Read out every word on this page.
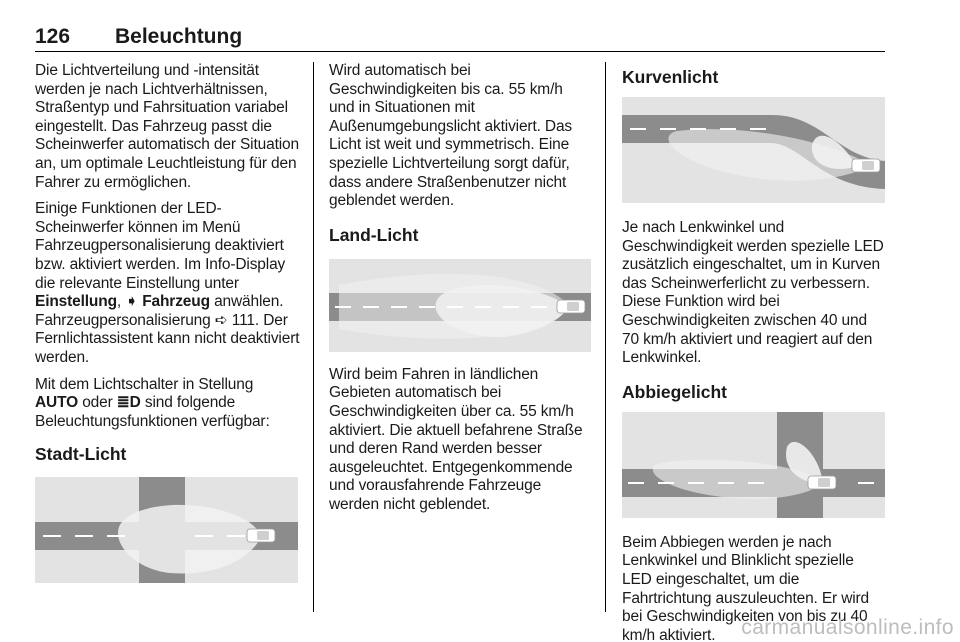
126 Beleuchtung

Die Lichtverteilung und -intensität werden je nach Lichtverhältnissen, Straßentyp und Fahrsituation variabel eingestellt. Das Fahrzeug passt die Scheinwerfer automatisch der Situation an, um optimale Leuchtleistung für den Fahrer zu ermöglichen.

Einige Funktionen der LED-Scheinwerfer können im Menü Fahrzeugpersonalisierung deaktiviert bzw. aktiviert werden. Im Info-Display die relevante Einstellung unter Einstellung, ➧ Fahrzeug anwählen. Fahrzeugpersonalisierung ➪ 111. Der Fernlichtassistent kann nicht deaktiviert werden.

Mit dem Lichtschalter in Stellung AUTO oder ≣D sind folgende Beleuchtungsfunktionen verfügbar:

Stadt-Licht

Wird automatisch bei Geschwindigkeiten bis ca. 55 km/h und in Situationen mit Außenumgebungslicht aktiviert. Das Licht ist weit und symmetrisch. Eine spezielle Lichtverteilung sorgt dafür, dass andere Straßenbenutzer nicht geblendet werden.

Land-Licht

Wird beim Fahren in ländlichen Gebieten automatisch bei Geschwindigkeiten über ca. 55 km/h aktiviert. Die aktuell befahrene Straße und deren Rand werden besser ausgeleuchtet. Entgegenkommende und vorausfahrende Fahrzeuge werden nicht geblendet.

Kurvenlicht

Je nach Lenkwinkel und Geschwindigkeit werden spezielle LED zusätzlich eingeschaltet, um in Kurven das Scheinwerferlicht zu verbessern. Diese Funktion wird bei Geschwindigkeiten zwischen 40 und 70 km/h aktiviert und reagiert auf den Lenkwinkel.

Abbiegelicht

Beim Abbiegen werden je nach Lenkwinkel und Blinklicht spezielle LED eingeschaltet, um die Fahrtrichtung auszuleuchten. Er wird bei Geschwindigkeiten von bis zu 40 km/h aktiviert.	carmanualsonline.info
